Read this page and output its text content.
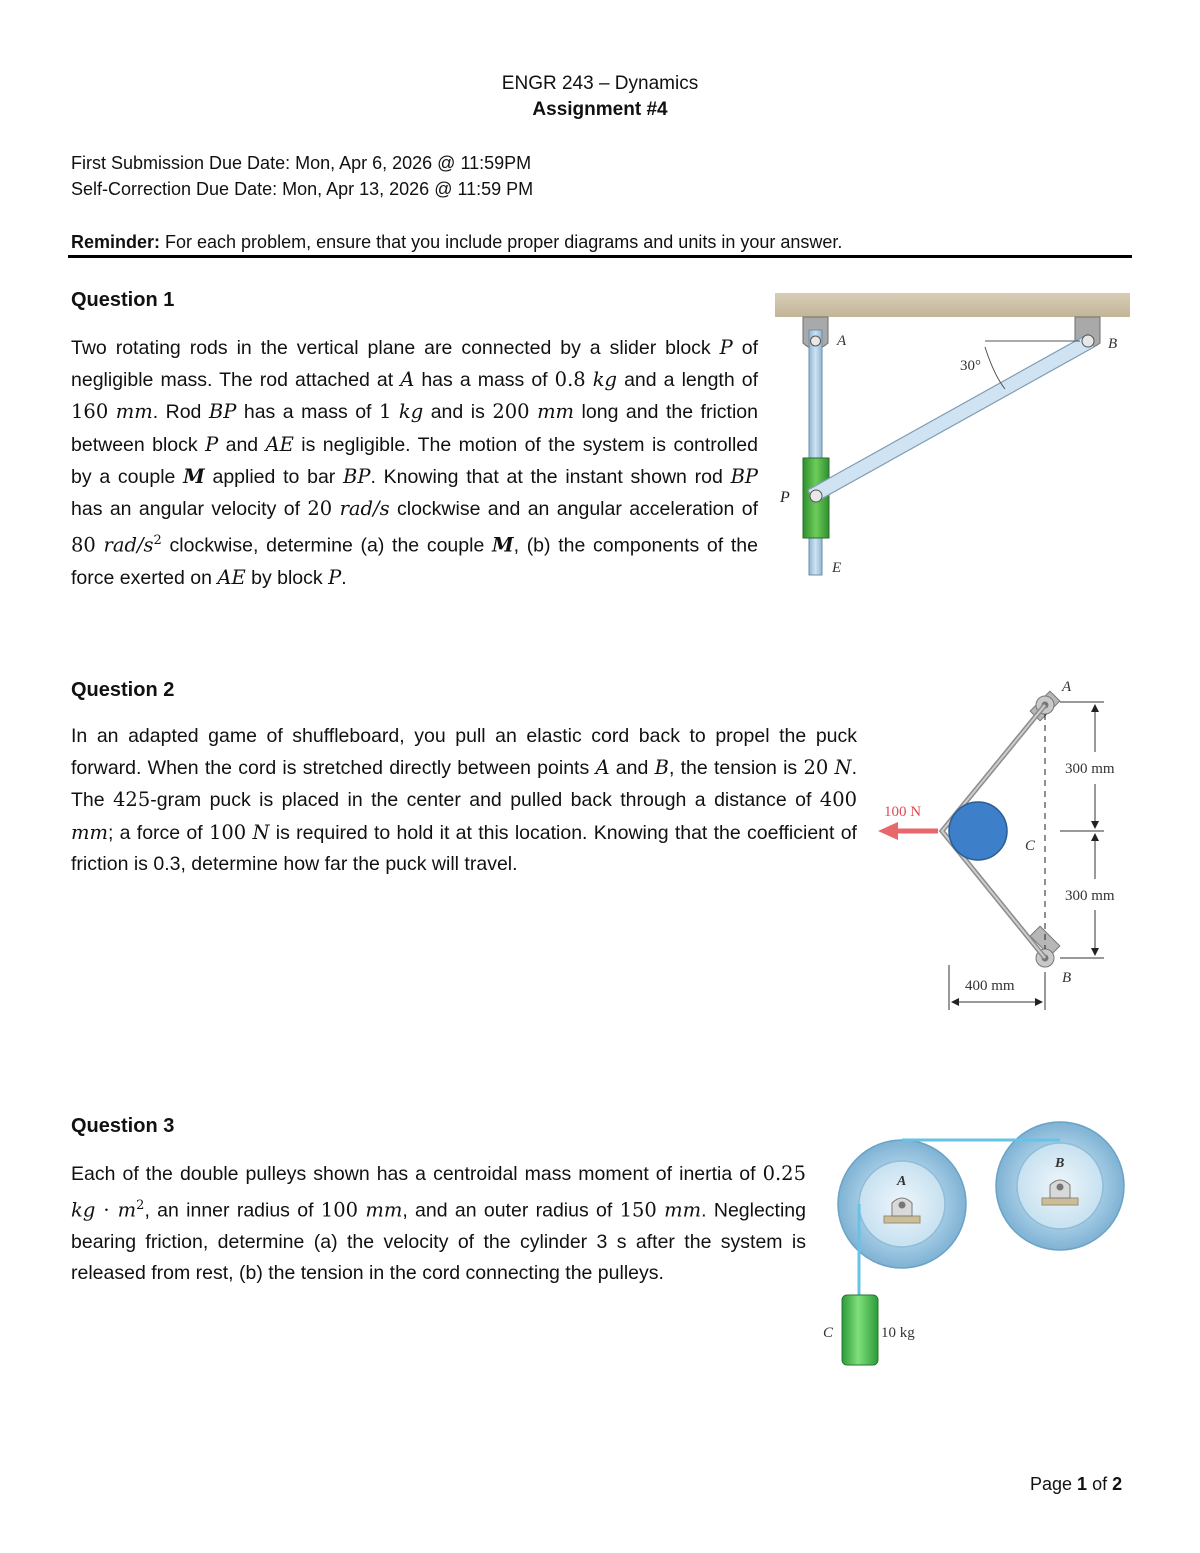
ENGR 243 – Dynamics
Assignment #4
First Submission Due Date: Mon, Apr 6, 2026 @ 11:59PM
Self-Correction Due Date: Mon, Apr 13, 2026 @ 11:59 PM
Reminder: For each problem, ensure that you include proper diagrams and units in your answer.
Question 1
Two rotating rods in the vertical plane are connected by a slider block P of negligible mass. The rod attached at A has a mass of 0.8 kg and a length of 160 mm. Rod BP has a mass of 1 kg and is 200 mm long and the friction between block P and AE is negligible. The motion of the system is controlled by a couple M applied to bar BP. Knowing that at the instant shown rod BP has an angular velocity of 20 rad/s clockwise and an angular acceleration of 80 rad/$s^2$ clockwise, determine (a) the couple M, (b) the components of the force exerted on AE by block P.
30°
A	B
P
E
Question 2
In an adapted game of shuffleboard, you pull an elastic cord back to propel the puck forward. When the cord is stretched directly between points A and B, the tension is 20 N. The 425-gram puck is placed in the center and pulled back through a distance of 400 mm; a force of 100 N is required to hold it at this location. Knowing that the coefficient of friction is 0.3, determine how far the puck will travel.
100 N
C
A
B
300 mm
300 mm
400 mm
Question 3
Each of the double pulleys shown has a centroidal mass moment of inertia of 0.25 kg · $m^2$, an inner radius of 100 mm, and an outer radius of 150 mm. Neglecting bearing friction, determine (a) the velocity of the cylinder 3 s after the system is released from rest, (b) the tension in the cord connecting the pulleys.
A
B
C	10 kg
Page 1 of 2
